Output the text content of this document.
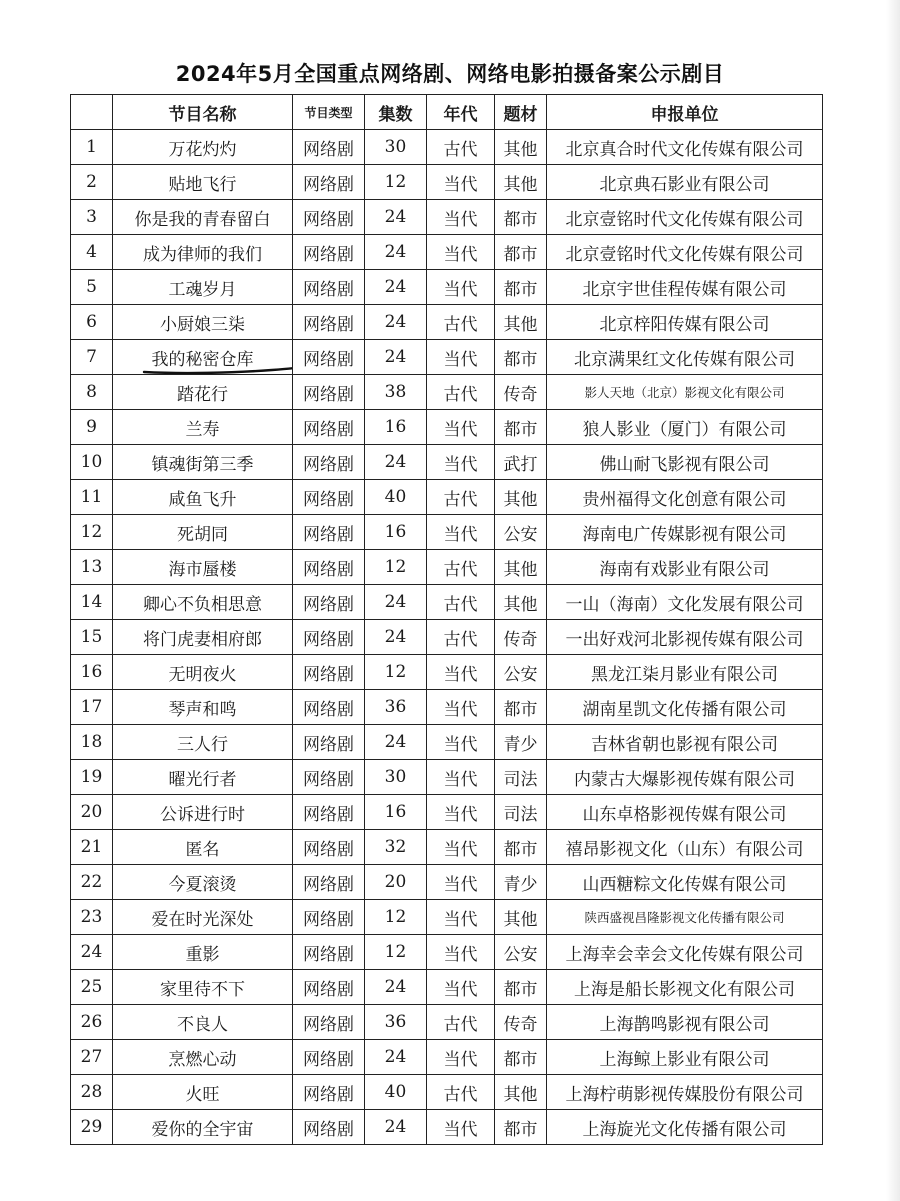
2024年5月全国重点网络剧、网络电影拍摄备案公示剧目
	节目名称	节目类型	集数	年代	题材	申报单位
1	万花灼灼	网络剧	30	古代	其他	北京真合时代文化传媒有限公司
2	贴地飞行	网络剧	12	当代	其他	北京典石影业有限公司
3	你是我的青春留白	网络剧	24	当代	都市	北京壹铭时代文化传媒有限公司
4	成为律师的我们	网络剧	24	当代	都市	北京壹铭时代文化传媒有限公司
5	工魂岁月	网络剧	24	当代	都市	北京宇世佳程传媒有限公司
6	小厨娘三柒	网络剧	24	古代	其他	北京梓阳传媒有限公司
7	我的秘密仓库	网络剧	24	当代	都市	北京满果红文化传媒有限公司
8	踏花行	网络剧	38	古代	传奇	影人天地（北京）影视文化有限公司
9	兰寿	网络剧	16	当代	都市	狼人影业（厦门）有限公司
10	镇魂街第三季	网络剧	24	当代	武打	佛山耐飞影视有限公司
11	咸鱼飞升	网络剧	40	古代	其他	贵州福得文化创意有限公司
12	死胡同	网络剧	16	当代	公安	海南电广传媒影视有限公司
13	海市蜃楼	网络剧	12	古代	其他	海南有戏影业有限公司
14	卿心不负相思意	网络剧	24	古代	其他	一山（海南）文化发展有限公司
15	将门虎妻相府郎	网络剧	24	古代	传奇	一出好戏河北影视传媒有限公司
16	无明夜火	网络剧	12	当代	公安	黑龙江柒月影业有限公司
17	琴声和鸣	网络剧	36	当代	都市	湖南星凯文化传播有限公司
18	三人行	网络剧	24	当代	青少	吉林省朝也影视有限公司
19	曜光行者	网络剧	30	当代	司法	内蒙古大爆影视传媒有限公司
20	公诉进行时	网络剧	16	当代	司法	山东卓格影视传媒有限公司
21	匿名	网络剧	32	当代	都市	禧昂影视文化（山东）有限公司
22	今夏滚烫	网络剧	20	当代	青少	山西糖粽文化传媒有限公司
23	爱在时光深处	网络剧	12	当代	其他	陕西盛视昌隆影视文化传播有限公司
24	重影	网络剧	12	当代	公安	上海幸会幸会文化传媒有限公司
25	家里待不下	网络剧	24	当代	都市	上海是船长影视文化有限公司
26	不良人	网络剧	36	古代	传奇	上海鹊鸣影视有限公司
27	烹燃心动	网络剧	24	当代	都市	上海鲸上影业有限公司
28	火旺	网络剧	40	古代	其他	上海柠萌影视传媒股份有限公司
29	爱你的全宇宙	网络剧	24	当代	都市	上海旋光文化传播有限公司
